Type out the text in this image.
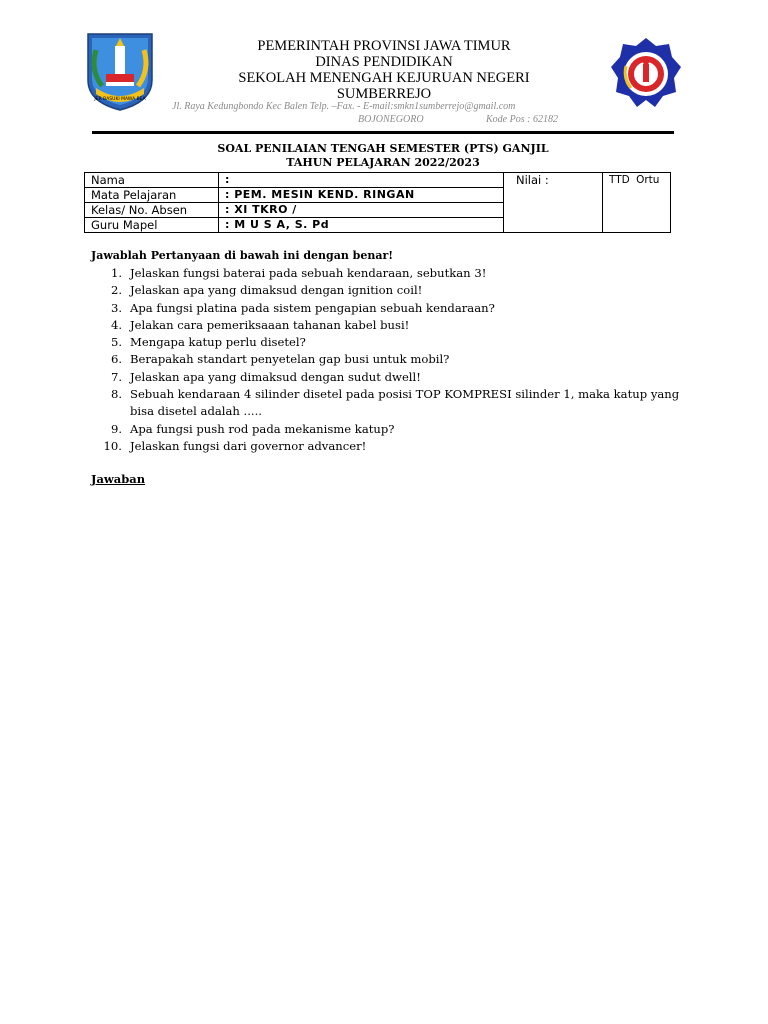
JER BASUKI MAWA BEA
PEMERINTAH PROVINSI JAWA TIMUR
DINAS PENDIDIKAN
SEKOLAH MENENGAH KEJURUAN NEGERI
SUMBERREJO
Jl. Raya Kedungbondo Kec Balen Telp. –Fax. - E-mail:smkn1sumberrejo@gmail.com
BOJONEGORO	Kode Pos : 62182
SOAL PENILAIAN TENGAH SEMESTER (PTS) GANJIL
TAHUN PELAJARAN 2022/2023
Nama	:	Nilai :	TTD Ortu
Mata Pelajaran	: PEM. MESIN KEND. RINGAN		
Kelas/ No. Absen	: XI TKRO /		
Guru Mapel	: M U S A, S. Pd		
Jawablah Pertanyaan di bawah ini dengan benar!
1. Jelaskan fungsi baterai pada sebuah kendaraan, sebutkan 3!
2. Jelaskan apa yang dimaksud dengan ignition coil!
3. Apa fungsi platina pada sistem pengapian sebuah kendaraan?
4. Jelakan cara pemeriksaaan tahanan kabel busi!
5. Mengapa katup perlu disetel?
6. Berapakah standart penyetelan gap busi untuk mobil?
7. Jelaskan apa yang dimaksud dengan sudut dwell!
8. Sebuah kendaraan 4 silinder disetel pada posisi TOP KOMPRESI silinder 1, maka katup yang bisa disetel adalah .....
9. Apa fungsi push rod pada mekanisme katup?
10. Jelaskan fungsi dari governor advancer!
Jawaban
